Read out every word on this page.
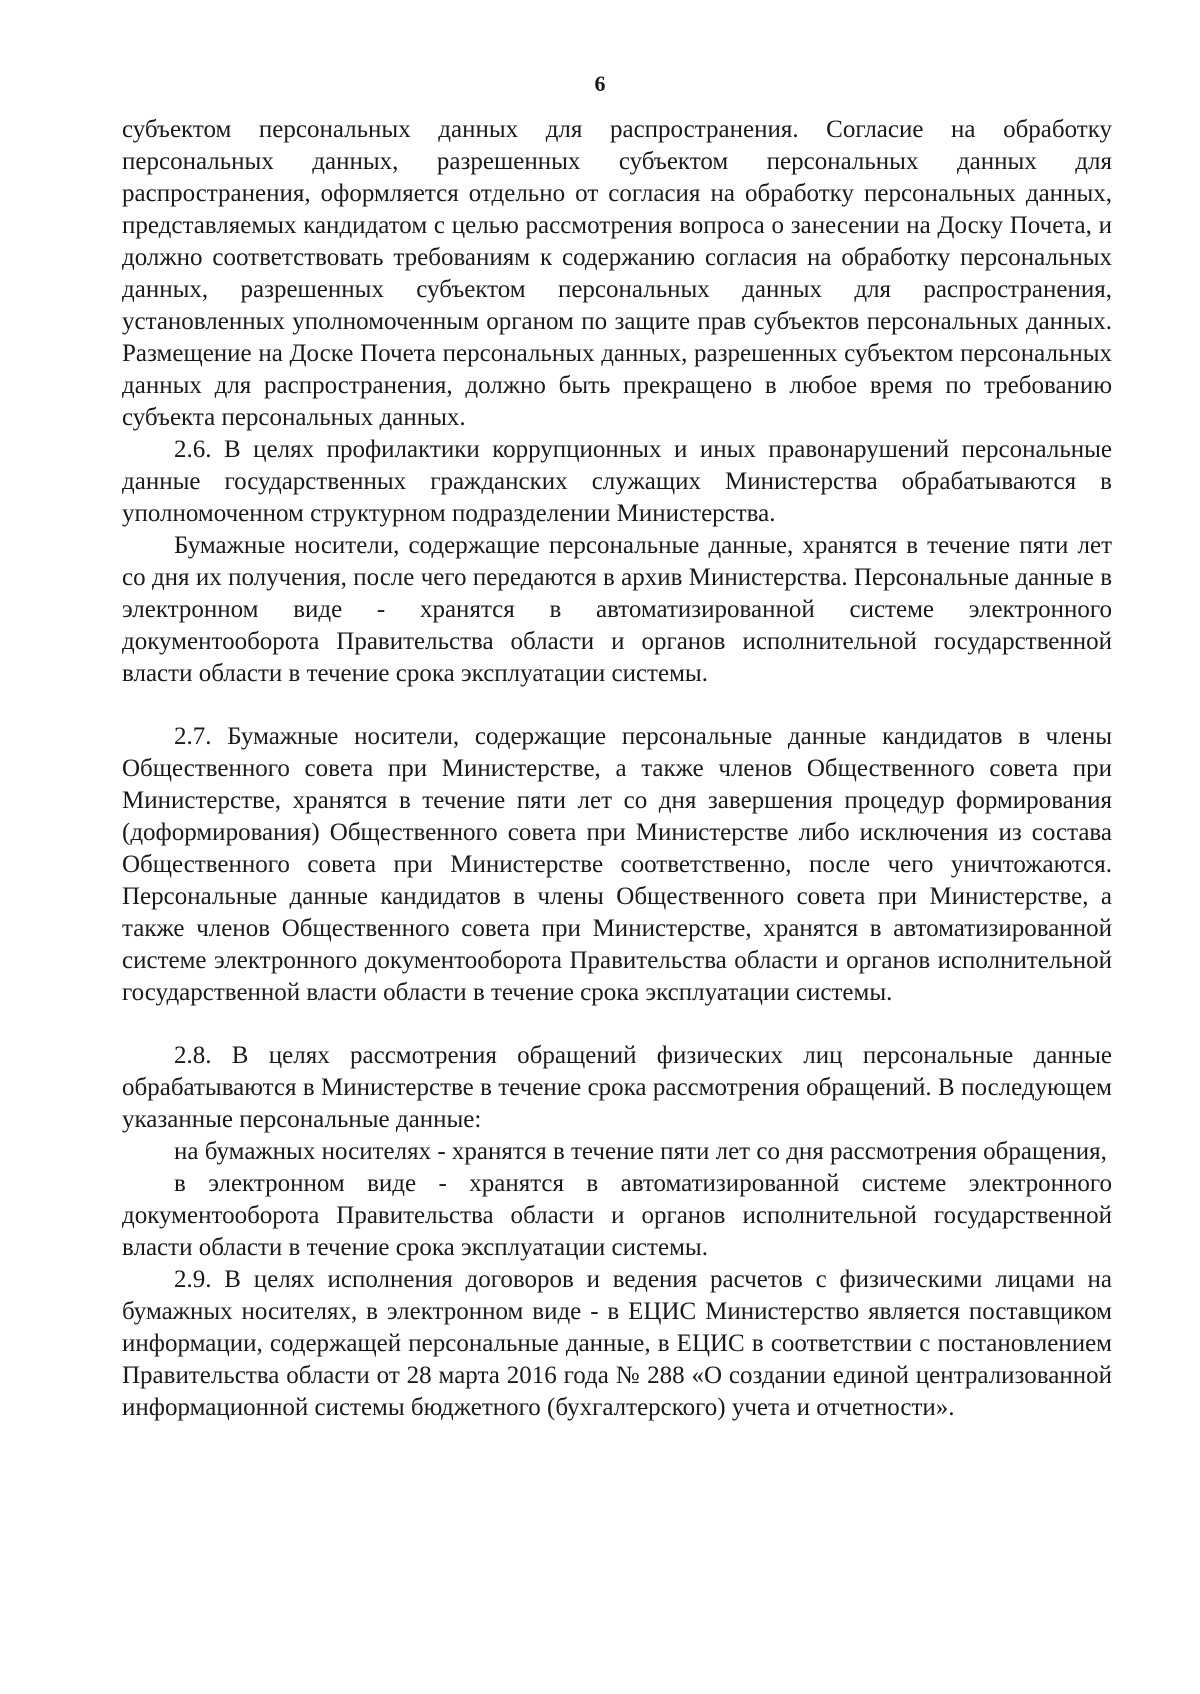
6

субъектом персональных данных для распространения. Согласие на обработку персональных данных, разрешенных субъектом персональных данных для распространения, оформляется отдельно от согласия на обработку персональных данных, представляемых кандидатом с целью рассмотрения вопроса о занесении на Доску Почета, и должно соответствовать требованиям к содержанию согласия на обработку персональных данных, разрешенных субъектом персональных данных для распространения, установленных уполномоченным органом по защите прав субъектов персональных данных. Размещение на Доске Почета персональных данных, разрешенных субъектом персональных данных для распространения, должно быть прекращено в любое время по требованию субъекта персональных данных.

2.6. В целях профилактики коррупционных и иных правонарушений персональные данные государственных гражданских служащих Министерства обрабатываются в уполномоченном структурном подразделении Министерства.

Бумажные носители, содержащие персональные данные, хранятся в течение пяти лет со дня их получения, после чего передаются в архив Министерства. Персональные данные в электронном виде - хранятся в автоматизированной системе электронного документооборота Правительства области и органов исполнительной государственной власти области в течение срока эксплуатации системы.

2.7. Бумажные носители, содержащие персональные данные кандидатов в члены Общественного совета при Министерстве, а также членов Общественного совета при Министерстве, хранятся в течение пяти лет со дня завершения процедур формирования (доформирования) Общественного совета при Министерстве либо исключения из состава Общественного совета при Министерстве соответственно, после чего уничтожаются. Персональные данные кандидатов в члены Общественного совета при Министерстве, а также членов Общественного совета при Министерстве, хранятся в автоматизированной системе электронного документооборота Правительства области и органов исполнительной государственной власти области в течение срока эксплуатации системы.

2.8. В целях рассмотрения обращений физических лиц персональные данные обрабатываются в Министерстве в течение срока рассмотрения обращений. В последующем указанные персональные данные:

на бумажных носителях - хранятся в течение пяти лет со дня рассмотрения обращения,

в электронном виде - хранятся в автоматизированной системе электронного документооборота Правительства области и органов исполнительной государственной власти области в течение срока эксплуатации системы.

2.9. В целях исполнения договоров и ведения расчетов с физическими лицами на бумажных носителях, в электронном виде - в ЕЦИС Министерство является поставщиком информации, содержащей персональные данные, в ЕЦИС в соответствии с постановлением Правительства области от 28 марта 2016 года № 288 «О создании единой централизованной информационной системы бюджетного (бухгалтерского) учета и отчетности».
